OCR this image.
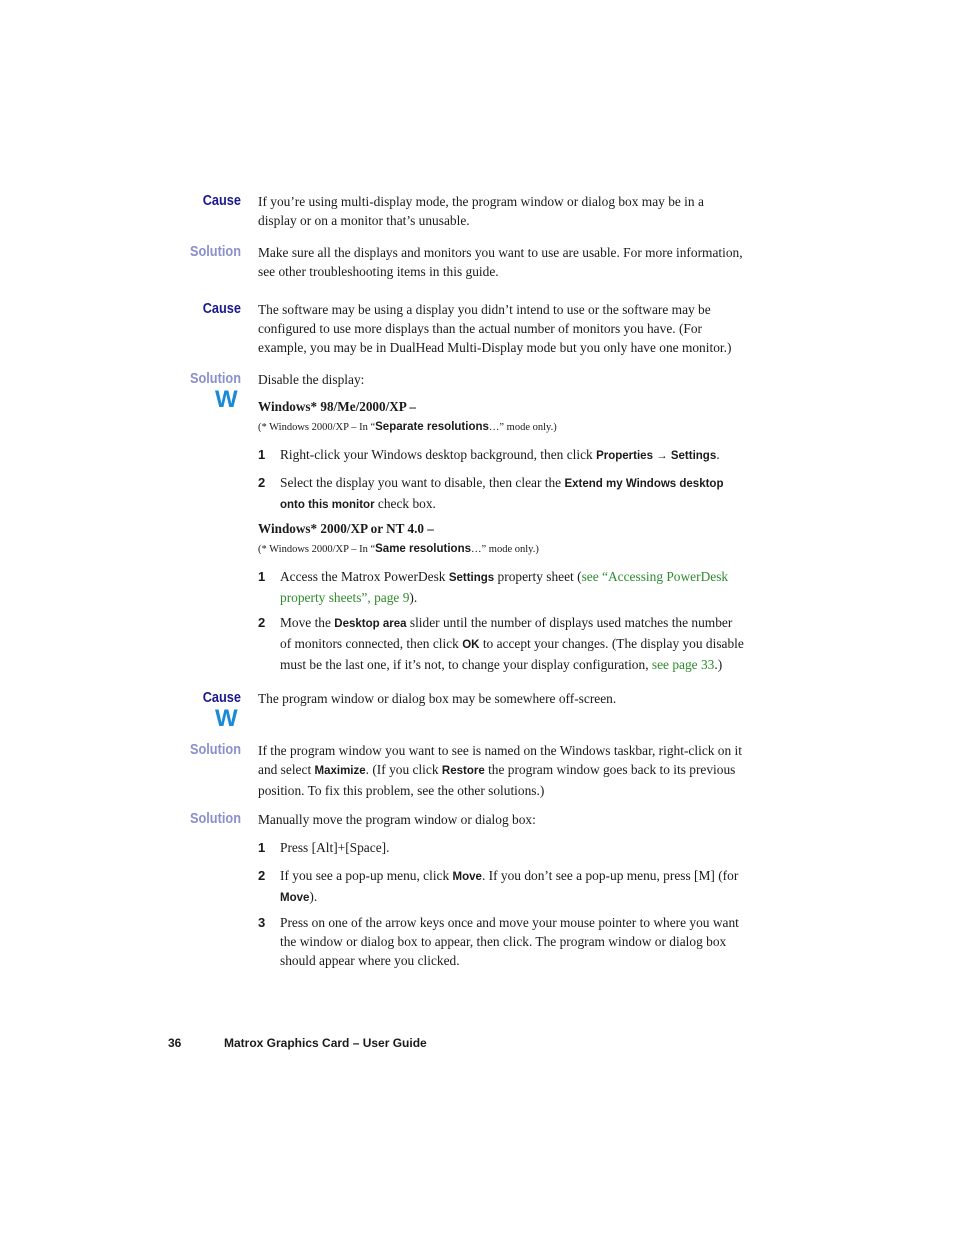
Cause If you’re using multi-display mode, the program window or dialog box may be in a display or on a monitor that’s unusable.
Solution Make sure all the displays and monitors you want to use are usable. For more information, see other troubleshooting items in this guide.
Cause The software may be using a display you didn’t intend to use or the software may be configured to use more displays than the actual number of monitors you have. (For example, you may be in DualHead Multi-Display mode but you only have one monitor.)
Solution
W
Disable the display:
Windows* 98/Me/2000/XP –
(* Windows 2000/XP – In “Separate resolutions…” mode only.)
1	Right-click your Windows desktop background, then click Properties → Settings.
2	Select the display you want to disable, then clear the Extend my Windows desktop onto this monitor check box.
Windows* 2000/XP or NT 4.0 –
(* Windows 2000/XP – In “Same resolutions…” mode only.)
1	Access the Matrox PowerDesk Settings property sheet (see “Accessing PowerDesk property sheets”, page 9).
2	Move the Desktop area slider until the number of displays used matches the number of monitors connected, then click OK to accept your changes. (The display you disable must be the last one, if it’s not, to change your display configuration, see page 33.)
Cause
W
The program window or dialog box may be somewhere off-screen.
Solution If the program window you want to see is named on the Windows taskbar, right-click on it and select Maximize. (If you click Restore the program window goes back to its previous position. To fix this problem, see the other solutions.)
Solution Manually move the program window or dialog box:
1	Press [Alt]+[Space].
2	If you see a pop-up menu, click Move. If you don’t see a pop-up menu, press [M] (for Move).
3	Press on one of the arrow keys once and move your mouse pointer to where you want the window or dialog box to appear, then click. The program window or dialog box should appear where you clicked.
36	Matrox Graphics Card – User Guide
